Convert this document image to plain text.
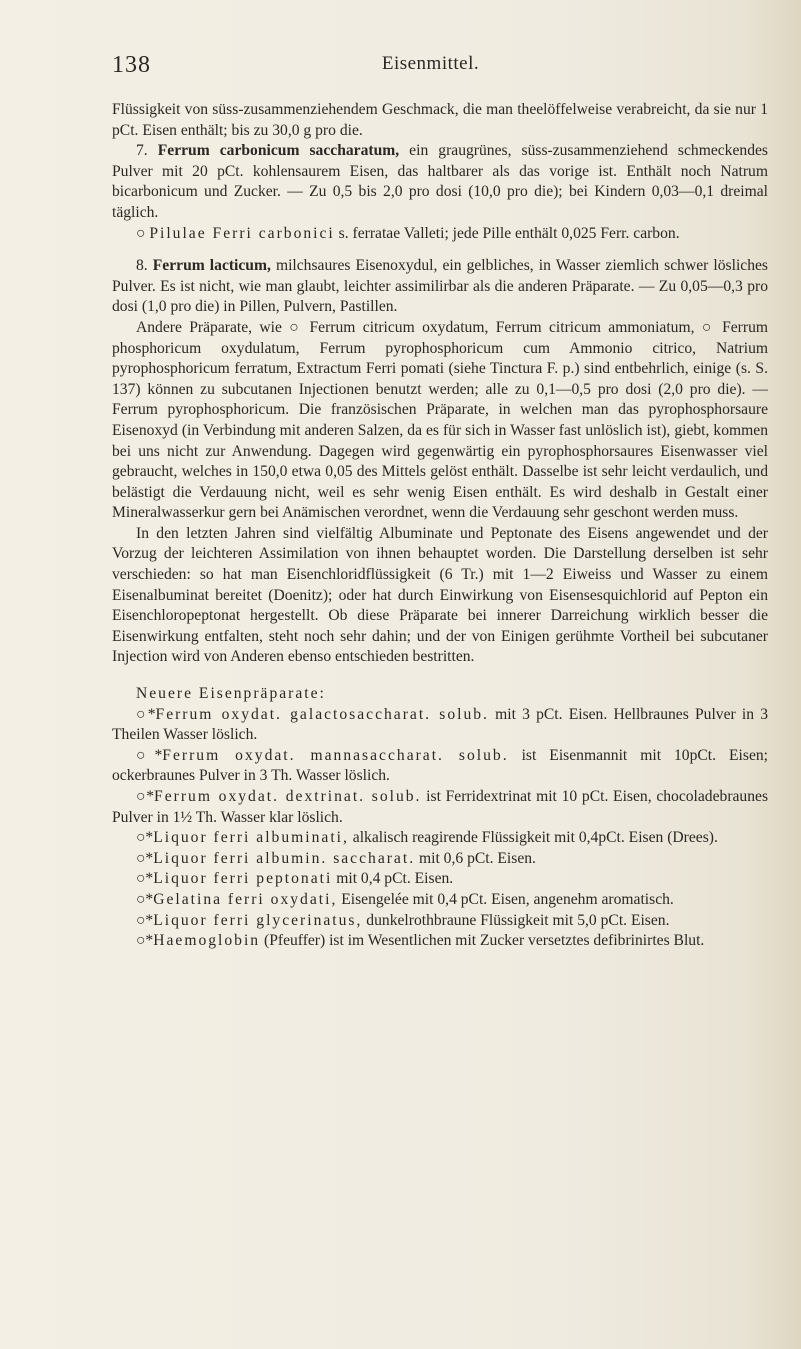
138	Eisenmittel.

Flüssigkeit von süss-zusammenziehendem Geschmack, die man theelöffelweise verabreicht, da sie nur 1 pCt. Eisen enthält; bis zu 30,0 g pro die.

7. Ferrum carbonicum saccharatum, ein graugrünes, süss-zusammenziehend schmeckendes Pulver mit 20 pCt. kohlensaurem Eisen, das haltbarer als das vorige ist. Enthält noch Natrum bicarbonicum und Zucker. — Zu 0,5 bis 2,0 pro dosi (10,0 pro die); bei Kindern 0,03—0,1 dreimal täglich.

○ Pilulae Ferri carbonici s. ferratae Valleti; jede Pille enthält 0,025 Ferr. carbon.

8. Ferrum lacticum, milchsaures Eisenoxydul, ein gelbliches, in Wasser ziemlich schwer lösliches Pulver. Es ist nicht, wie man glaubt, leichter assimilirbar als die anderen Präparate. — Zu 0,05—0,3 pro dosi (1,0 pro die) in Pillen, Pulvern, Pastillen.

Andere Präparate, wie ○ Ferrum citricum oxydatum, Ferrum citricum ammoniatum, ○ Ferrum phosphoricum oxydulatum, Ferrum pyrophosphoricum cum Ammonio citrico, Natrium pyrophosphoricum ferratum, Extractum Ferri pomati (siehe Tinctura F. p.) sind entbehrlich, einige (s. S. 137) können zu subcutanen Injectionen benutzt werden; alle zu 0,1—0,5 pro dosi (2,0 pro die). — Ferrum pyrophosphoricum. Die französischen Präparate, in welchen man das pyrophosphorsaure Eisenoxyd (in Verbindung mit anderen Salzen, da es für sich in Wasser fast unlöslich ist), giebt, kommen bei uns nicht zur Anwendung. Dagegen wird gegenwärtig ein pyrophosphorsaures Eisenwasser viel gebraucht, welches in 150,0 etwa 0,05 des Mittels gelöst enthält. Dasselbe ist sehr leicht verdaulich, und belästigt die Verdauung nicht, weil es sehr wenig Eisen enthält. Es wird deshalb in Gestalt einer Mineralwasserkur gern bei Anämischen verordnet, wenn die Verdauung sehr geschont werden muss.

In den letzten Jahren sind vielfältig Albuminate und Peptonate des Eisens angewendet und der Vorzug der leichteren Assimilation von ihnen behauptet worden. Die Darstellung derselben ist sehr verschieden: so hat man Eisenchloridflüssigkeit (6 Tr.) mit 1—2 Eiweiss und Wasser zu einem Eisenalbuminat bereitet (Doenitz); oder hat durch Einwirkung von Eisensesquichlorid auf Pepton ein Eisenchloropeptonat hergestellt. Ob diese Präparate bei innerer Darreichung wirklich besser die Eisenwirkung entfalten, steht noch sehr dahin; und der von Einigen gerühmte Vortheil bei subcutaner Injection wird von Anderen ebenso entschieden bestritten.

Neuere Eisenpräparate:

○*Ferrum oxydat. galactosaccharat. solub. mit 3 pCt. Eisen. Hellbraunes Pulver in 3 Theilen Wasser löslich.

○*Ferrum oxydat. mannasaccharat. solub. ist Eisenmannit mit 10pCt. Eisen; ockerbraunes Pulver in 3 Th. Wasser löslich.

○*Ferrum oxydat. dextrinat. solub. ist Ferridextrinat mit 10 pCt. Eisen, chocoladebraunes Pulver in 1½ Th. Wasser klar löslich.

○*Liquor ferri albuminati, alkalisch reagirende Flüssigkeit mit 0,4pCt. Eisen (Drees).

○*Liquor ferri albumin. saccharat. mit 0,6 pCt. Eisen.

○*Liquor ferri peptonati mit 0,4 pCt. Eisen.

○*Gelatina ferri oxydati, Eisengelée mit 0,4 pCt. Eisen, angenehm aromatisch.

○*Liquor ferri glycerinatus, dunkelrothbraune Flüssigkeit mit 5,0 pCt. Eisen.

○*Haemoglobin (Pfeuffer) ist im Wesentlichen mit Zucker versetztes defibrinirtes Blut.
